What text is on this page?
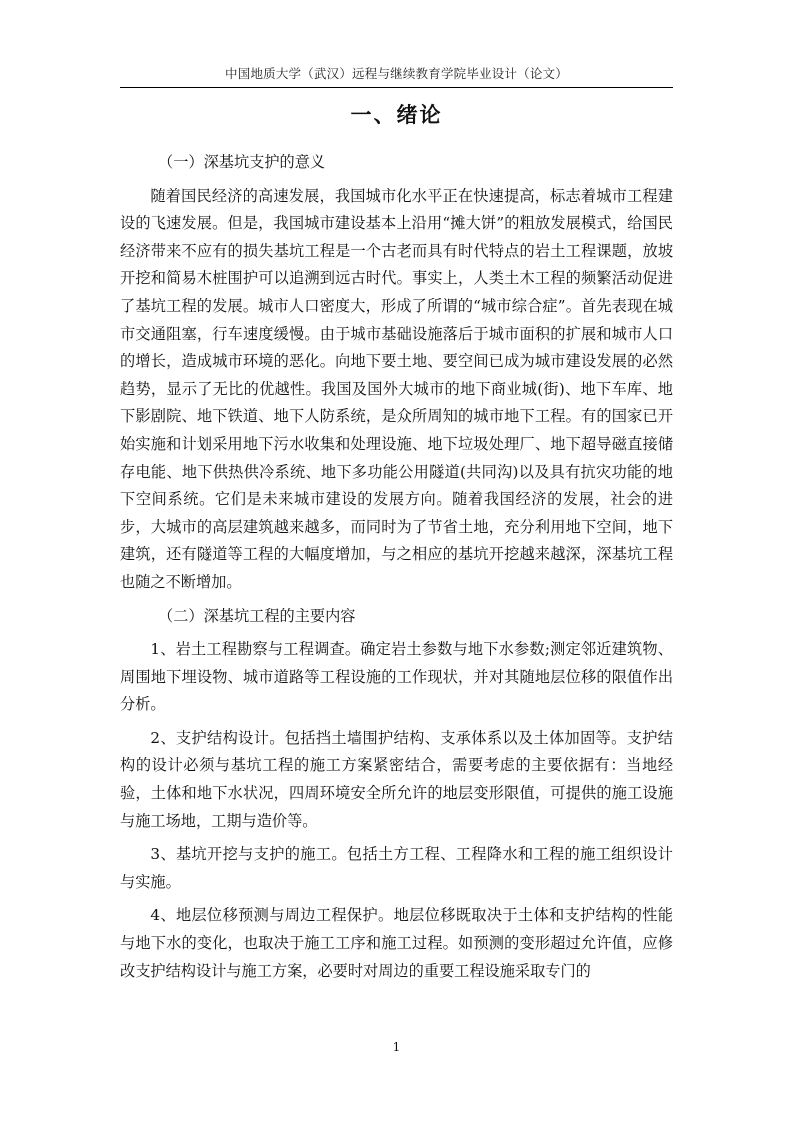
中国地质大学（武汉）远程与继续教育学院毕业设计（论文）
一、绪论
（一）深基坑支护的意义

随着国民经济的高速发展，我国城市化水平正在快速提高，标志着城市工程建设的飞速发展。但是，我国城市建设基本上沿用“摊大饼”的粗放发展模式，给国民经济带来不应有的损失基坑工程是一个古老而具有时代特点的岩土工程课题，放坡开挖和简易木桩围护可以追溯到远古时代。事实上，人类土木工程的频繁活动促进了基坑工程的发展。城市人口密度大，形成了所谓的“城市综合症”。首先表现在城市交通阻塞，行车速度缓慢。由于城市基础设施落后于城市面积的扩展和城市人口的增长，造成城市环境的恶化。向地下要土地、要空间已成为城市建设发展的必然趋势，显示了无比的优越性。我国及国外大城市的地下商业城(街)、地下车库、地下影剧院、地下铁道、地下人防系统，是众所周知的城市地下工程。有的国家已开始实施和计划采用地下污水收集和处理设施、地下垃圾处理厂、地下超导磁直接储存电能、地下供热供冷系统、地下多功能公用隧道(共同沟)以及具有抗灾功能的地下空间系统。它们是未来城市建设的发展方向。随着我国经济的发展，社会的进步，大城市的高层建筑越来越多，而同时为了节省土地，充分利用地下空间，地下建筑，还有隧道等工程的大幅度增加，与之相应的基坑开挖越来越深，深基坑工程也随之不断增加。

（二）深基坑工程的主要内容

1、岩土工程勘察与工程调查。确定岩土参数与地下水参数;测定邻近建筑物、周围地下埋设物、城市道路等工程设施的工作现状，并对其随地层位移的限值作出分析。

2、支护结构设计。包括挡土墙围护结构、支承体系以及土体加固等。支护结构的设计必须与基坑工程的施工方案紧密结合，需要考虑的主要依据有：当地经验，土体和地下水状况，四周环境安全所允许的地层变形限值，可提供的施工设施与施工场地，工期与造价等。

3、基坑开挖与支护的施工。包括土方工程、工程降水和工程的施工组织设计与实施。

4、地层位移预测与周边工程保护。地层位移既取决于土体和支护结构的性能与地下水的变化，也取决于施工工序和施工过程。如预测的变形超过允许值，应修改支护结构设计与施工方案，必要时对周边的重要工程设施采取专门的

1
